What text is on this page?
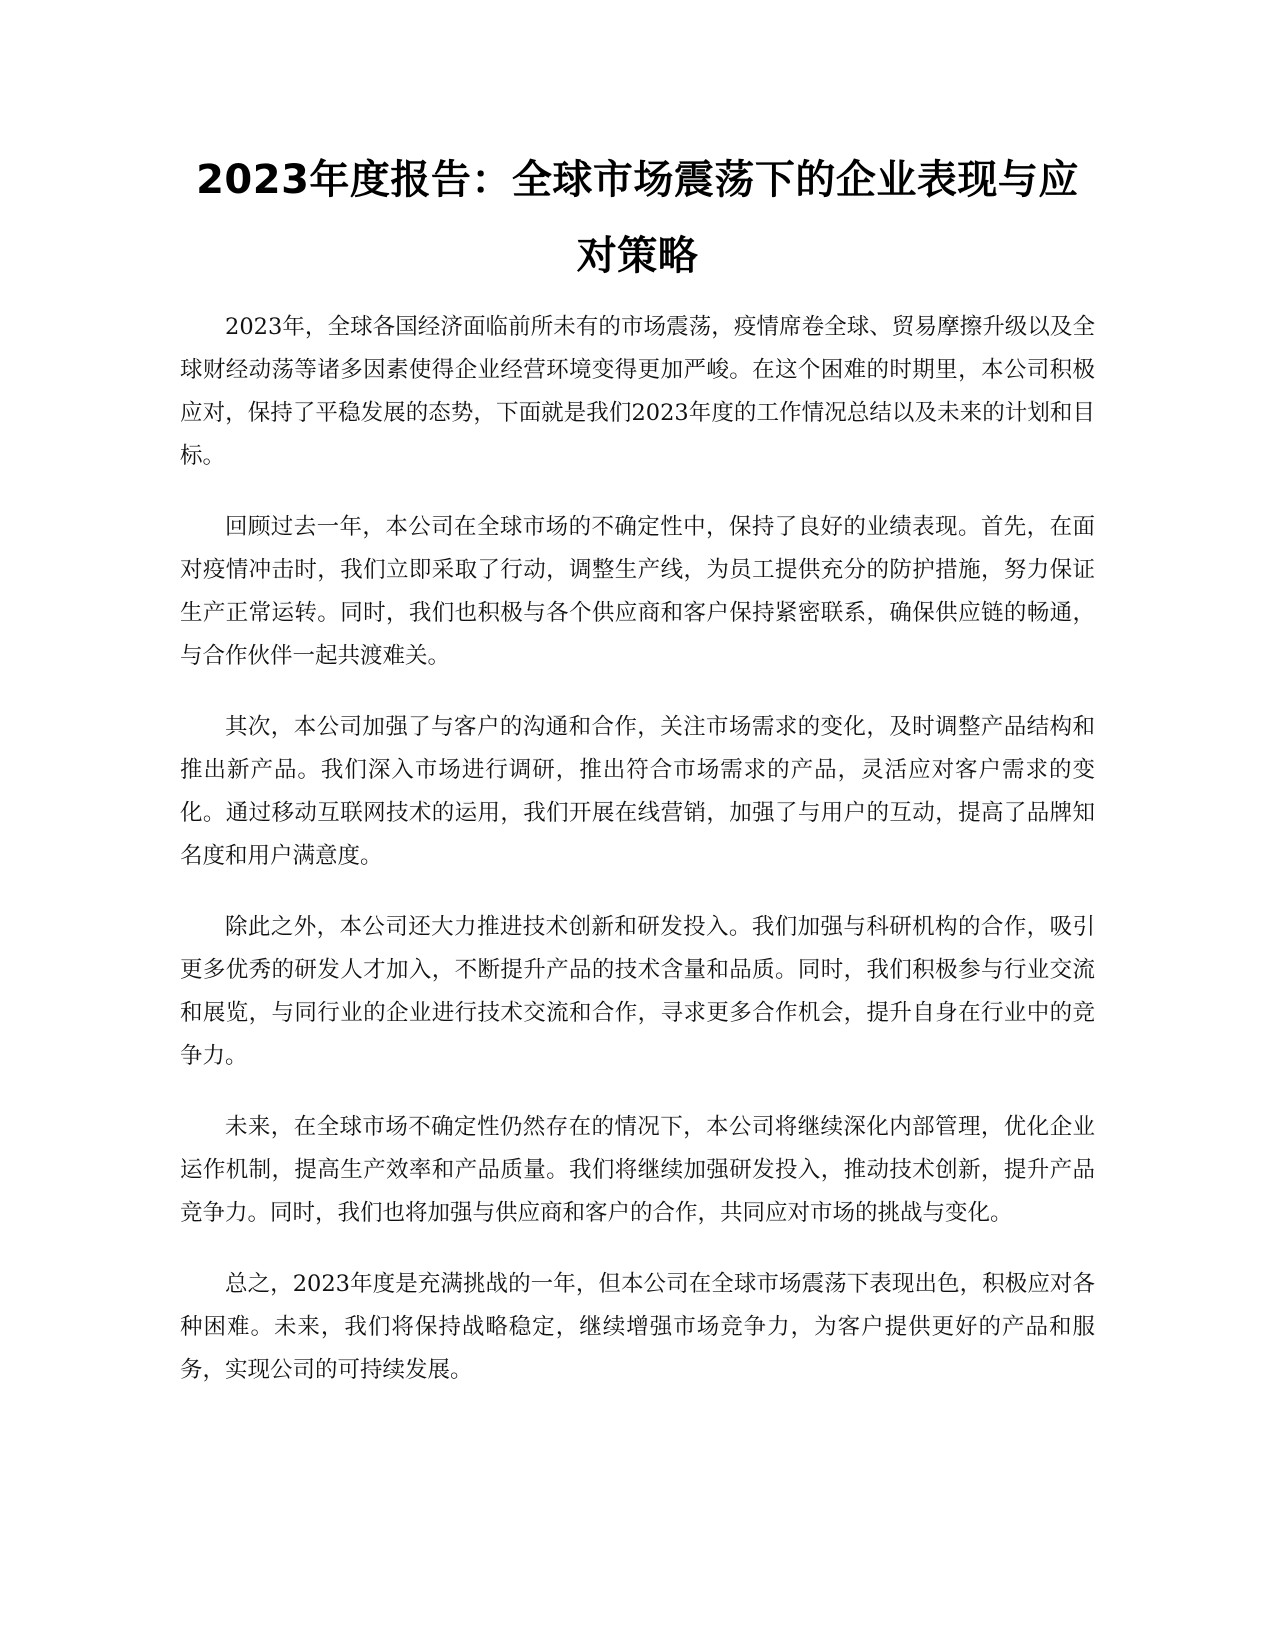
2023年度报告：全球市场震荡下的企业表现与应对策略

2023年，全球各国经济面临前所未有的市场震荡，疫情席卷全球、贸易摩擦升级以及全球财经动荡等诸多因素使得企业经营环境变得更加严峻。在这个困难的时期里，本公司积极应对，保持了平稳发展的态势，下面就是我们2023年度的工作情况总结以及未来的计划和目标。

回顾过去一年，本公司在全球市场的不确定性中，保持了良好的业绩表现。首先，在面对疫情冲击时，我们立即采取了行动，调整生产线，为员工提供充分的防护措施，努力保证生产正常运转。同时，我们也积极与各个供应商和客户保持紧密联系，确保供应链的畅通，与合作伙伴一起共渡难关。

其次，本公司加强了与客户的沟通和合作，关注市场需求的变化，及时调整产品结构和推出新产品。我们深入市场进行调研，推出符合市场需求的产品，灵活应对客户需求的变化。通过移动互联网技术的运用，我们开展在线营销，加强了与用户的互动，提高了品牌知名度和用户满意度。

除此之外，本公司还大力推进技术创新和研发投入。我们加强与科研机构的合作，吸引更多优秀的研发人才加入，不断提升产品的技术含量和品质。同时，我们积极参与行业交流和展览，与同行业的企业进行技术交流和合作，寻求更多合作机会，提升自身在行业中的竞争力。

未来，在全球市场不确定性仍然存在的情况下，本公司将继续深化内部管理，优化企业运作机制，提高生产效率和产品质量。我们将继续加强研发投入，推动技术创新，提升产品竞争力。同时，我们也将加强与供应商和客户的合作，共同应对市场的挑战与变化。

总之，2023年度是充满挑战的一年，但本公司在全球市场震荡下表现出色，积极应对各种困难。未来，我们将保持战略稳定，继续增强市场竞争力，为客户提供更好的产品和服务，实现公司的可持续发展。
